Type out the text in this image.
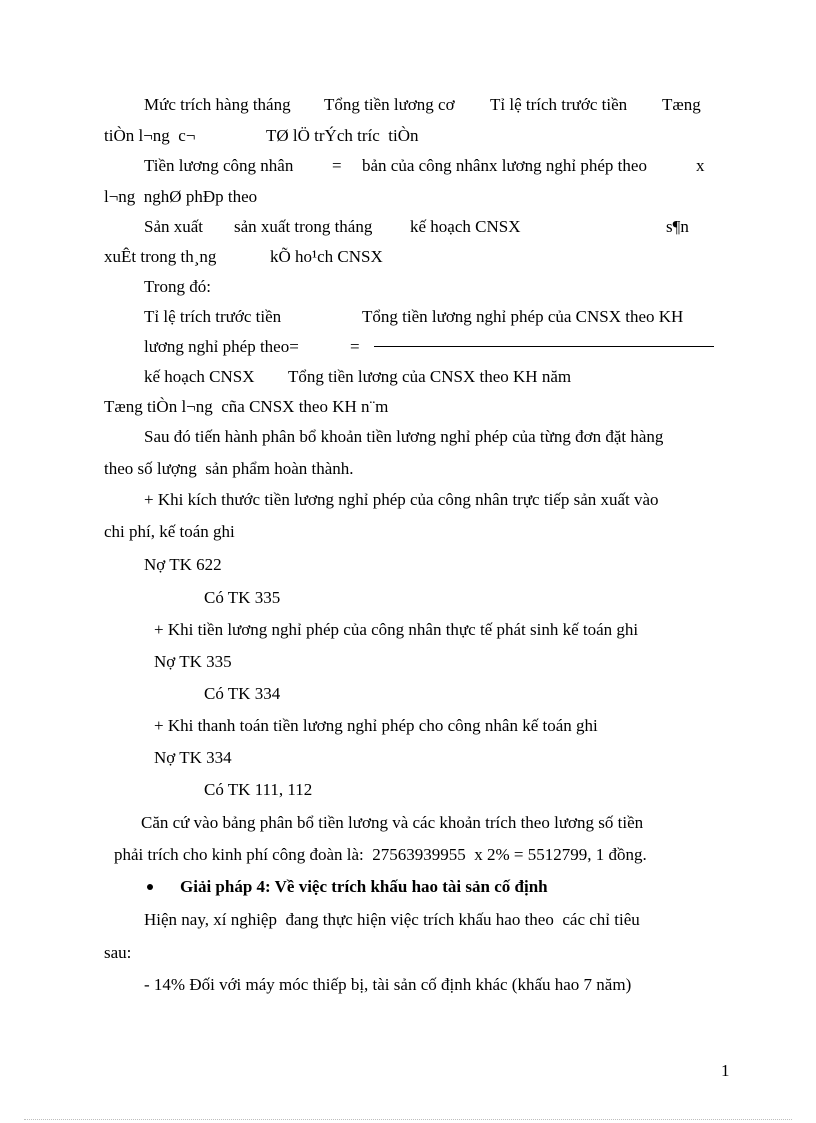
Mức trích hàng tháng Tổng tiền lương cơ Tỉ lệ trích trước tiền Tæng
tiÒn l¬ng  c¬	TØ lÖ trÝch tríc  tiÒn
Tiền lương công nhân = bản của công nhânx lương nghỉ phép theo	x
l¬ng  nghØ phÐp theo
Sản xuất sản xuất trong tháng kế hoạch CNSX	s¶n
xuÊt trong th¸ng	kÕ ho¹ch CNSX
Trong đó:
Tỉ lệ trích trước tiền	Tổng tiền lương nghỉ phép của CNSX theo KH
lương nghỉ phép theo=	=
kế hoạch CNSX Tổng tiền lương của CNSX theo KH năm
Tæng tiÒn l¬ng  cña CNSX theo KH n¨m
Sau đó tiến hành phân bổ khoản tiền lương nghỉ phép của từng đơn đặt hàng
theo số lượng  sản phẩm hoàn thành.
+ Khi kích thước tiền lương nghỉ phép của công nhân trực tiếp sản xuất vào
chi phí, kế toán ghi
Nợ TK 622
Có TK 335
+ Khi tiền lương nghỉ phép của công nhân thực tế phát sinh kế toán ghi
Nợ TK 335
Có TK 334
+ Khi thanh toán tiền lương nghỉ phép cho công nhân kế toán ghi
Nợ TK 334
Có TK 111, 112
Căn cứ vào bảng phân bổ tiền lương và các khoản trích theo lương số tiền
phải trích cho kinh phí công đoàn là:  27563939955  x 2% = 5512799, 1 đồng.
Giải pháp 4: Về việc trích khấu hao tài sản cố định
Hiện nay, xí nghiệp  đang thực hiện việc trích khấu hao theo  các chỉ tiêu
sau:
- 14% Đối với máy móc thiếp bị, tài sản cố định khác (khấu hao 7 năm)
1
